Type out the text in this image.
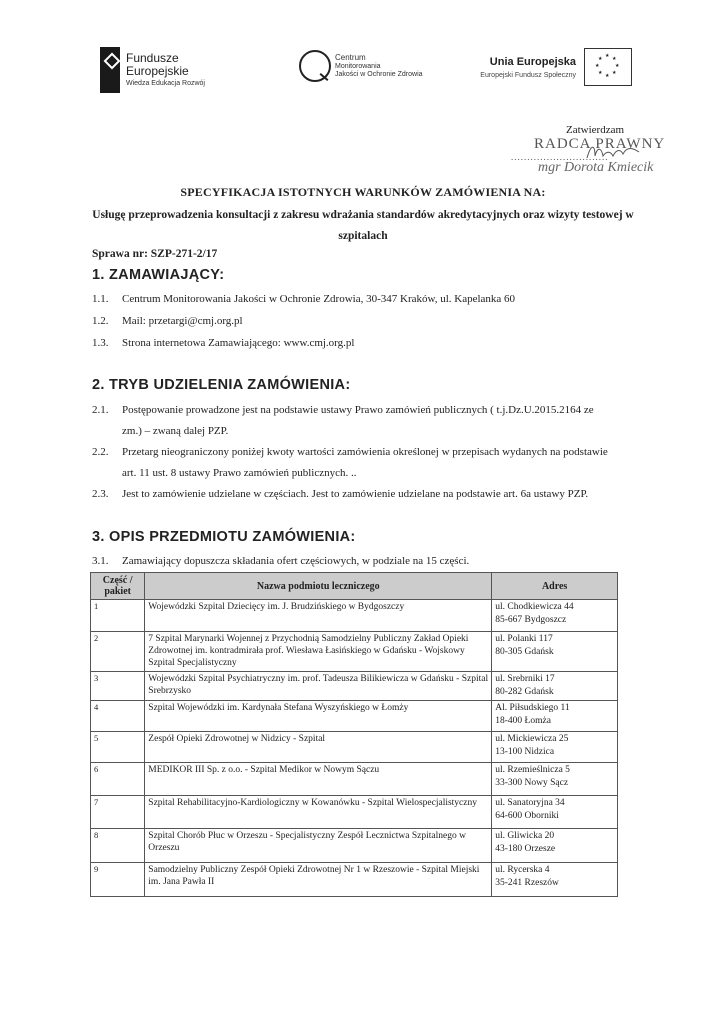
Fundusze
Europejskie
Wiedza Edukacja Rozwój
Centrum
Monitorowania
Jakości w Ochronie Zdrowia
Unia Europejska
Europejski Fundusz Społeczny
★
★
★
★
★
★
★
★
Zatwierdzam
RADCA PRAWNY
..............................
mgr Dorota Kmiecik
SPECYFIKACJA ISTOTNYCH WARUNKÓW ZAMÓWIENIA NA:
Usługę przeprowadzenia konsultacji z zakresu wdrażania standardów akredytacyjnych oraz wizyty testowej w szpitalach
Sprawa nr: SZP-271-2/17
1. ZAMAWIAJĄCY:
1.1.	Centrum Monitorowania Jakości w Ochronie Zdrowia, 30-347 Kraków, ul. Kapelanka 60
1.2.	Mail: przetargi@cmj.org.pl
1.3.	Strona internetowa Zamawiającego: www.cmj.org.pl
2. TRYB UDZIELENIA ZAMÓWIENIA:
2.1.	Postępowanie prowadzone jest na podstawie ustawy Prawo zamówień publicznych ( t.j.Dz.U.2015.2164 ze
zm.) – zwaną dalej PZP.
2.2.	Przetarg nieograniczony poniżej kwoty wartości zamówienia określonej w przepisach wydanych na podstawie
art. 11 ust. 8 ustawy Prawo zamówień publicznych. ..
2.3.	Jest to zamówienie udzielane w częściach. Jest to zamówienie udzielane na podstawie art. 6a ustawy PZP.
3. OPIS PRZEDMIOTU ZAMÓWIENIA:
3.1.	Zamawiający dopuszcza składania ofert częściowych, w podziale na 15 części.
Część / pakiet	Nazwa podmiotu leczniczego	Adres
1	Wojewódzki Szpital Dziecięcy im. J. Brudzińskiego w Bydgoszczy	ul. Chodkiewicza 44
85-667 Bydgoszcz

2	7 Szpital Marynarki Wojennej z Przychodnią Samodzielny Publiczny Zakład Opieki Zdrowotnej im. kontradmirała prof. Wiesława Łasińskiego w Gdańsku - Wojskowy Szpital Specjalistyczny	ul. Polanki 117
80-305 Gdańsk

3	Wojewódzki Szpital Psychiatryczny im. prof. Tadeusza Bilikiewicza w Gdańsku - Szpital Srebrzysko	ul. Srebrniki 17
80-282 Gdańsk

4	Szpital Wojewódzki im. Kardynała Stefana Wyszyńskiego w Łomży	Al. Piłsudskiego 11
18-400 Łomża

5	Zespół Opieki Zdrowotnej w Nidzicy - Szpital	ul. Mickiewicza 25
13-100 Nidzica

6	MEDIKOR III Sp. z o.o. - Szpital Medikor w Nowym Sączu	ul. Rzemieślnicza 5
33-300 Nowy Sącz

7	Szpital Rehabilitacyjno-Kardiologiczny w Kowanówku - Szpital Wielospecjalistyczny	ul. Sanatoryjna 34
64-600 Oborniki

8	Szpital Chorób Płuc w Orzeszu - Specjalistyczny Zespół Lecznictwa Szpitalnego w Orzeszu	ul. Gliwicka 20
43-180 Orzesze

9	Samodzielny Publiczny Zespół Opieki Zdrowotnej Nr 1 w Rzeszowie - Szpital Miejski im. Jana Pawła II	ul. Rycerska 4
35-241 Rzeszów
